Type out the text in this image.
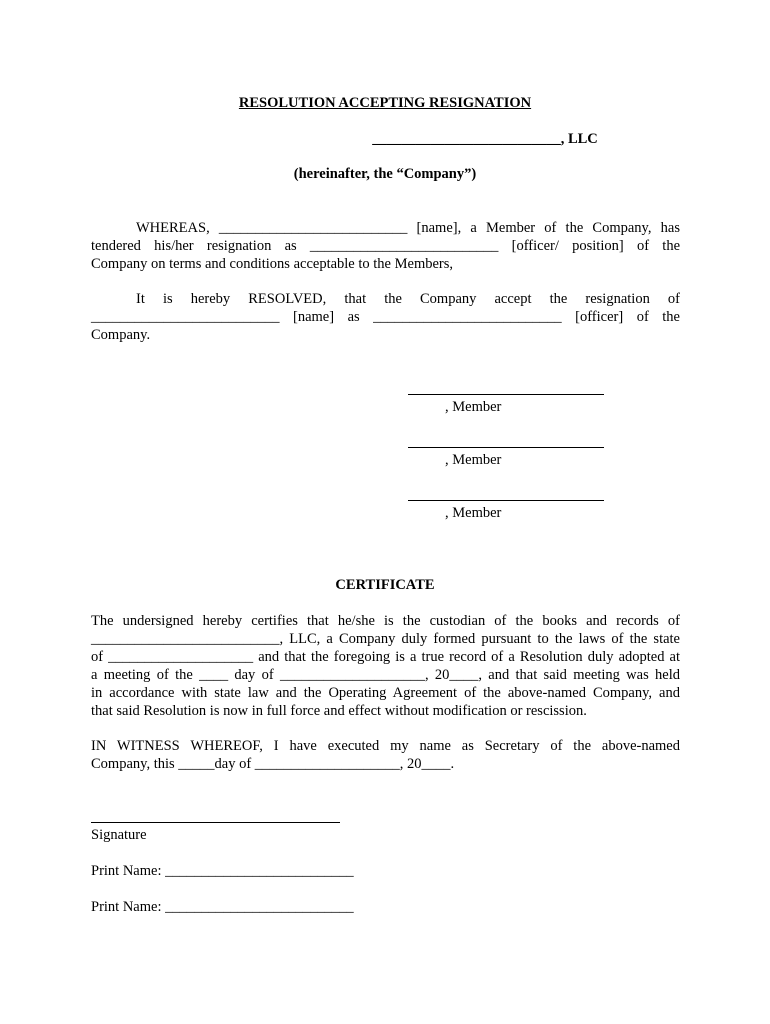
RESOLUTION ACCEPTING RESIGNATION
__________________________, LLC
(hereinafter, the “Company”)
WHEREAS, __________________________ [name], a Member of the Company, has
tendered his/her resignation as __________________________ [officer/ position] of the
Company on terms and conditions acceptable to the Members,
It is hereby RESOLVED, that the Company accept the resignation of
__________________________ [name] as __________________________ [officer] of the
Company.
, Member
, Member
, Member
CERTIFICATE
The undersigned hereby certifies that he/she is the custodian of the books and records of
__________________________, LLC, a Company duly formed pursuant to the laws of the state
of ____________________ and that the foregoing is a true record of a Resolution duly adopted at
a meeting of the ____ day of ____________________, 20____, and that said meeting was held
in accordance with state law and the Operating Agreement of the above-named Company, and
that said Resolution is now in full force and effect without modification or rescission.
IN WITNESS WHEREOF, I have executed my name as Secretary of the above-named
Company, this _____day of ____________________, 20____.
Signature
Print Name: __________________________
Print Name: __________________________
